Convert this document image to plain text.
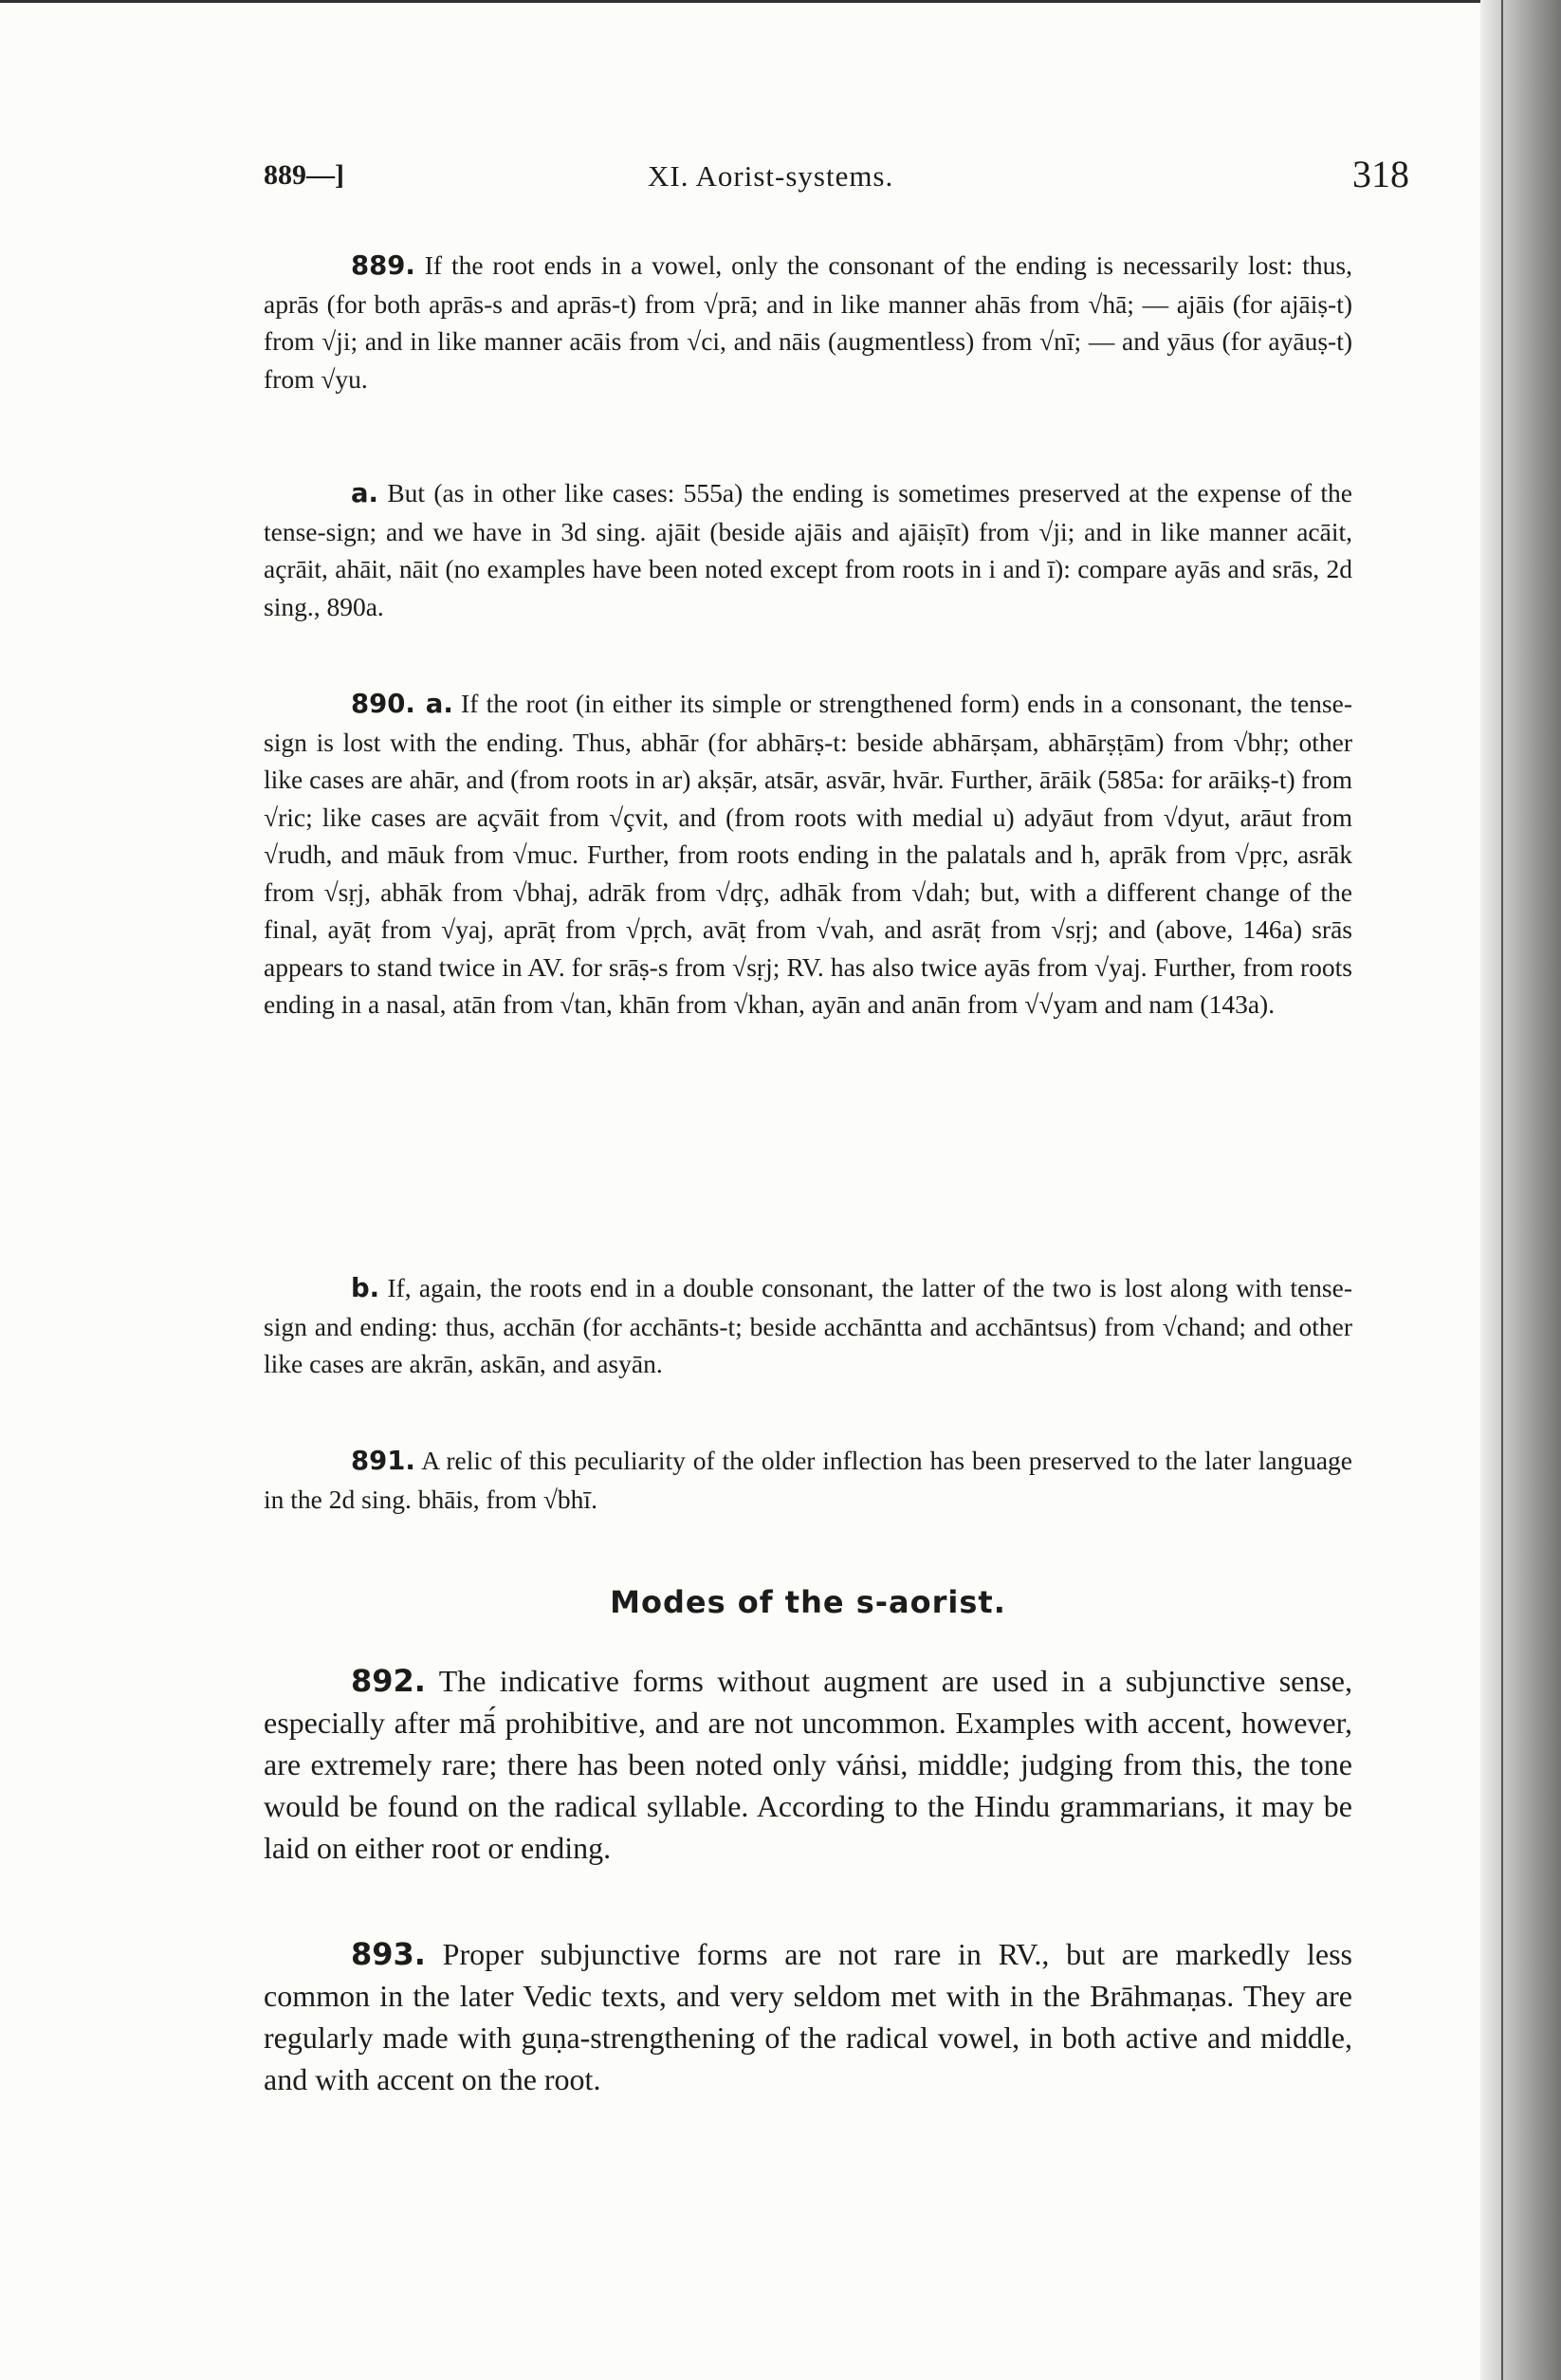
889—]	XI. Aorist-systems.	318

889. If the root ends in a vowel, only the consonant of the ending is necessarily lost: thus, aprās (for both aprās-s and aprās-t) from √prā; and in like manner ahās from √hā; — ajāis (for ajāiṣ-t) from √ji; and in like manner acāis from √ci, and nāis (augmentless) from √nī; — and yāus (for ayāuṣ-t) from √yu.

a. But (as in other like cases: 555a) the ending is sometimes preserved at the expense of the tense-sign; and we have in 3d sing. ajāit (beside ajāis and ajāiṣīt) from √ji; and in like manner acāit, açrāit, ahāit, nāit (no examples have been noted except from roots in i and ī): compare ayās and srās, 2d sing., 890a.

890. a. If the root (in either its simple or strengthened form) ends in a consonant, the tense-sign is lost with the ending. Thus, abhār (for abhārṣ-t: beside abhārṣam, abhārṣṭām) from √bhṛ; other like cases are ahār, and (from roots in ar) akṣār, atsār, asvār, hvār. Further, ārāik (585a: for arāikṣ-t) from √ric; like cases are açvāit from √çvit, and (from roots with medial u) adyāut from √dyut, arāut from √rudh, and māuk from √muc. Further, from roots ending in the palatals and h, aprāk from √pṛc, asrāk from √sṛj, abhāk from √bhaj, adrāk from √dṛç, adhāk from √dah; but, with a different change of the final, ayāṭ from √yaj, aprāṭ from √pṛch, avāṭ from √vah, and asrāṭ from √sṛj; and (above, 146a) srās appears to stand twice in AV. for srāṣ-s from √sṛj; RV. has also twice ayās from √yaj. Further, from roots ending in a nasal, atān from √tan, khān from √khan, ayān and anān from √√yam and nam (143a).

b. If, again, the roots end in a double consonant, the latter of the two is lost along with tense-sign and ending: thus, acchān (for acchānts-t; beside acchāntta and acchāntsus) from √chand; and other like cases are akrān, askān, and asyān.

891. A relic of this peculiarity of the older inflection has been preserved to the later language in the 2d sing. bhāis, from √bhī.

Modes of the s-aorist.

892. The indicative forms without augment are used in a subjunctive sense, especially after mā́ prohibitive, and are not uncommon. Examples with accent, however, are extremely rare; there has been noted only váṅsi, middle; judging from this, the tone would be found on the radical syllable. According to the Hindu grammarians, it may be laid on either root or ending.

893. Proper subjunctive forms are not rare in RV., but are markedly less common in the later Vedic texts, and very seldom met with in the Brāhmaṇas. They are regularly made with guṇa-strengthening of the radical vowel, in both active and middle, and with accent on the root.
